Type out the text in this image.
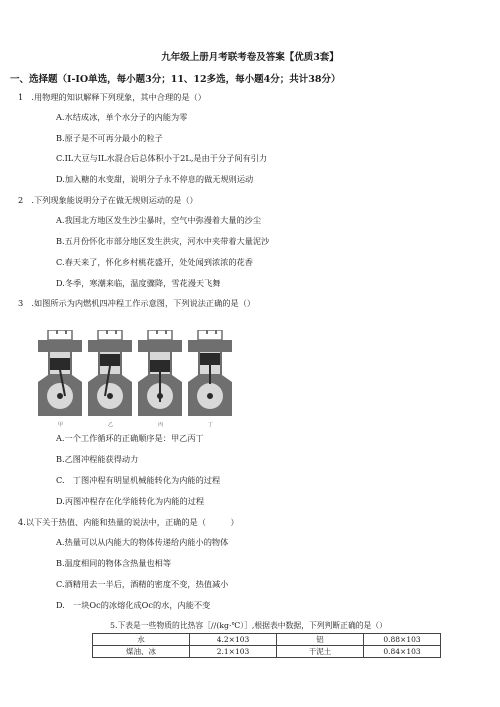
九年级上册月考联考卷及答案【优质3套】
一、选择题（I-IO单选，每小题3分；11、12多选，每小题4分；共计38分）
1　.用物理的知识解释下列现象，其中合理的是（）
A.水结成冰，单个水分子的内能为零
B.原子是不可再分最小的粒子
C.IL大豆与IL水混合后总体积小于2L,是由于分子间有引力
D.加入糖的水变甜，说明分子永不停息的做无规则运动
2　.下列现象能说明分子在做无规则运动的是（）
A.我国北方地区发生沙尘暴时，空气中弥漫着大量的沙尘
B.五月份怀化市部分地区发生洪灾，河水中夹带着大量泥沙
C.春天来了，怀化乡村桃花盛开，处处闻到浓浓的花香
D.冬季，寒潮来临，温度骤降，雪花漫天飞舞
3　.如图所示为内燃机四冲程工作示意图，下列说法正确的是（）
甲	乙	丙	丁
A.一个工作循环的正确顺序是：甲乙丙丁
B.乙图冲程能获得动力
C.　丁图冲程有明显机械能转化为内能的过程
D.丙图冲程存在化学能转化为内能的过程
4.以下关于热值、内能和热量的说法中，正确的是（　　　）
A.热量可以从内能大的物体传递给内能小的物体
B.温度相同的物体含热量也相等
C.酒精用去一半后，酒精的密度不变，热值减小
D.　一块Oc的冰熔化成Oc的水，内能不变
5.下表是一些物质的比热容［∕∕(kg·℃）］,根据表中数据，下列判断正确的是（）
水	4.2×103	铝	0.88×103
煤油、冰	2.1×103	干泥土	0.84×103
